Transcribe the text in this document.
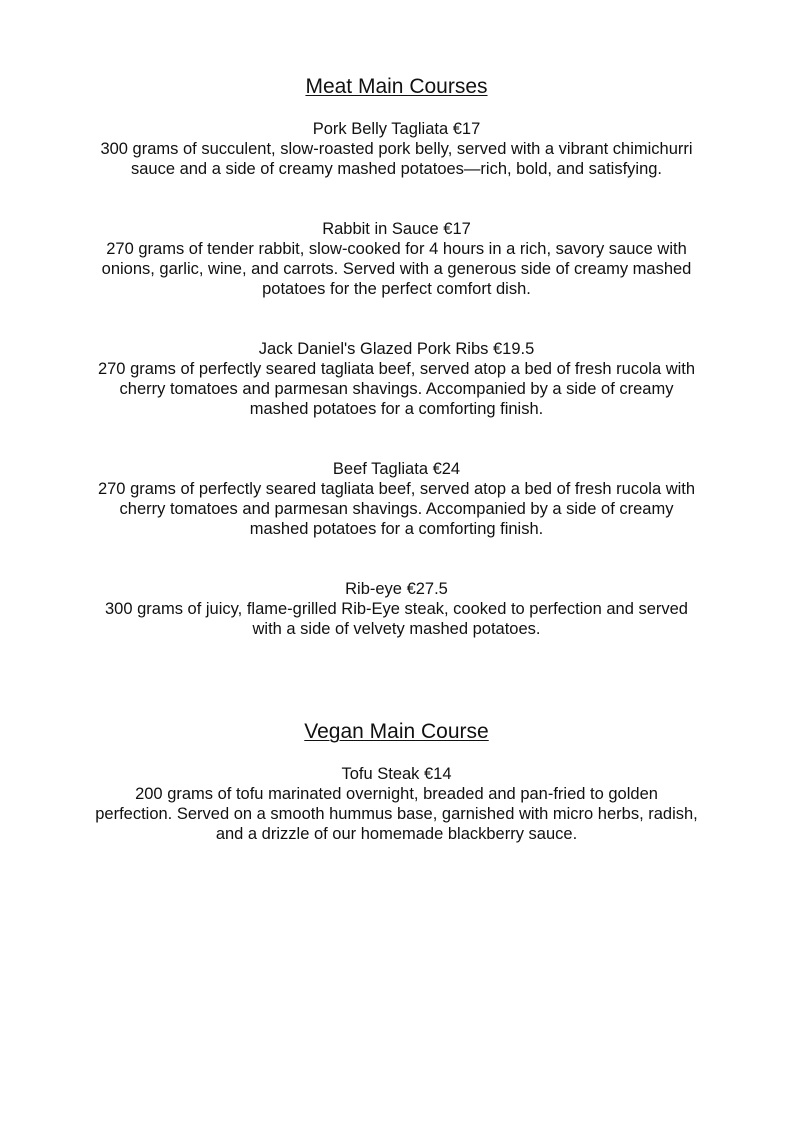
Meat Main Courses

Pork Belly Tagliata €17

300 grams of succulent, slow-roasted pork belly, served with a vibrant chimichurri

sauce and a side of creamy mashed potatoes—rich, bold, and satisfying.

Rabbit in Sauce €17

270 grams of tender rabbit, slow-cooked for 4 hours in a rich, savory sauce with

onions, garlic, wine, and carrots. Served with a generous side of creamy mashed

potatoes for the perfect comfort dish.

Jack Daniel's Glazed Pork Ribs €19.5

270 grams of perfectly seared tagliata beef, served atop a bed of fresh rucola with

cherry tomatoes and parmesan shavings. Accompanied by a side of creamy

mashed potatoes for a comforting finish.

Beef Tagliata €24

270 grams of perfectly seared tagliata beef, served atop a bed of fresh rucola with

cherry tomatoes and parmesan shavings. Accompanied by a side of creamy

mashed potatoes for a comforting finish.

Rib-eye €27.5

300 grams of juicy, flame-grilled Rib-Eye steak, cooked to perfection and served

with a side of velvety mashed potatoes.

Vegan Main Course

Tofu Steak €14

200 grams of tofu marinated overnight, breaded and pan-fried to golden

perfection. Served on a smooth hummus base, garnished with micro herbs, radish,

and a drizzle of our homemade blackberry sauce.
